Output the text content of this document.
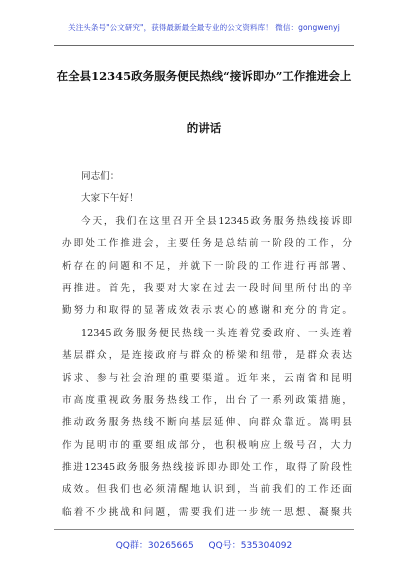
关注头条号"公文研究"，获得最新最全最专业的公文资料库！ 微信：gongwenyj
在全县12345政务服务便民热线“接诉即办”工作推进会上
的讲话
同志们：
大家下午好！
今天，我们在这里召开全县12345政务服务热线接诉即
办即处工作推进会，主要任务是总结前一阶段的工作，分
析存在的问题和不足，并就下一阶段的工作进行再部署、
再推进。首先，我要对大家在过去一段时间里所付出的辛
勤努力和取得的显著成效表示衷心的感谢和充分的肯定。
12345政务服务便民热线一头连着党委政府、一头连着
基层群众，是连接政府与群众的桥梁和纽带，是群众表达
诉求、参与社会治理的重要渠道。近年来，云南省和昆明
市高度重视政务服务热线工作，出台了一系列政策措施，
推动政务服务热线不断向基层延伸、向群众靠近。嵩明县
作为昆明市的重要组成部分，也积极响应上级号召，大力
推进12345政务服务热线接诉即办即处工作，取得了阶段性
成效。但我们也必须清醒地认识到，当前我们的工作还面
临着不少挑战和问题，需要我们进一步统一思想、凝聚共
QQ群：30265665 QQ号：535304092
